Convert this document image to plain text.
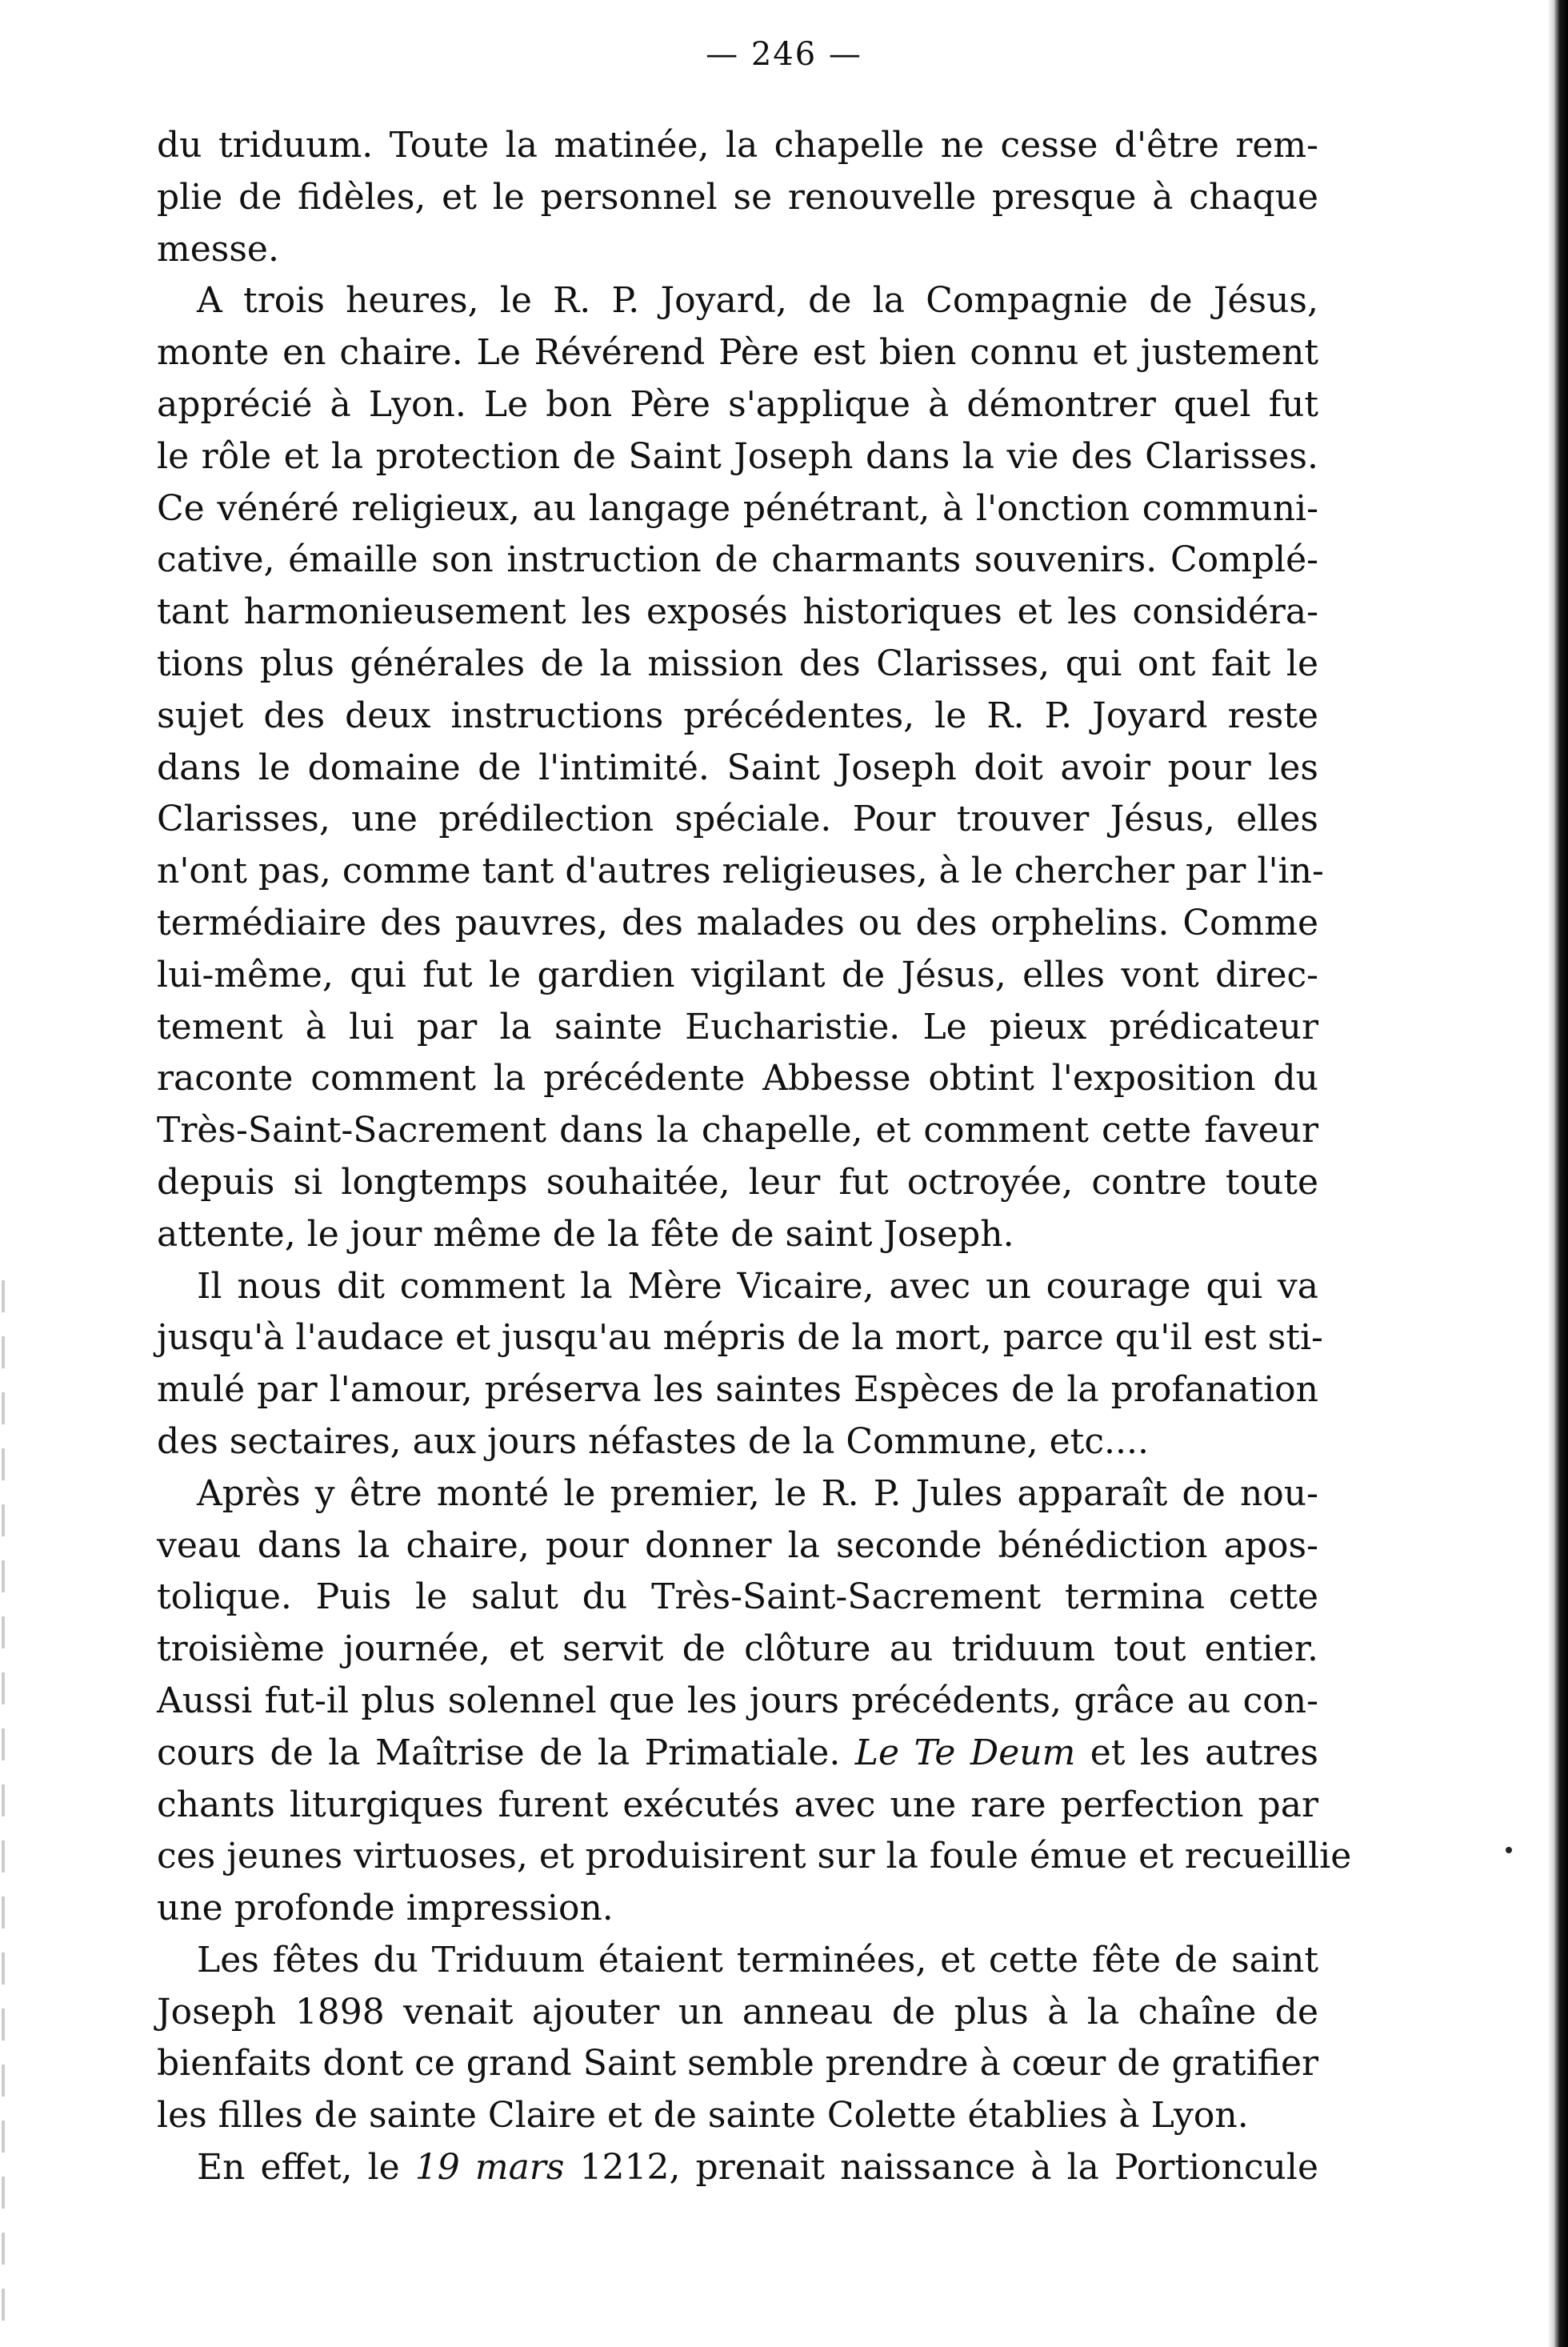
— 246 —
du triduum. Toute la matinée, la chapelle ne cesse d'être rem-
plie de fidèles, et le personnel se renouvelle presque à chaque
messe.
A trois heures, le R. P. Joyard, de la Compagnie de Jésus,
monte en chaire. Le Révérend Père est bien connu et justement
apprécié à Lyon. Le bon Père s'applique à démontrer quel fut
le rôle et la protection de Saint Joseph dans la vie des Clarisses.
Ce vénéré religieux, au langage pénétrant, à l'onction communi-
cative, émaille son instruction de charmants souvenirs. Complé-
tant harmonieusement les exposés historiques et les considéra-
tions plus générales de la mission des Clarisses, qui ont fait le
sujet des deux instructions précédentes, le R. P. Joyard reste
dans le domaine de l'intimité. Saint Joseph doit avoir pour les
Clarisses, une prédilection spéciale. Pour trouver Jésus, elles
n'ont pas, comme tant d'autres religieuses, à le chercher par l'in-
termédiaire des pauvres, des malades ou des orphelins. Comme
lui-même, qui fut le gardien vigilant de Jésus, elles vont direc-
tement à lui par la sainte Eucharistie. Le pieux prédicateur
raconte comment la précédente Abbesse obtint l'exposition du
Très-Saint-Sacrement dans la chapelle, et comment cette faveur
depuis si longtemps souhaitée, leur fut octroyée, contre toute
attente, le jour même de la fête de saint Joseph.
Il nous dit comment la Mère Vicaire, avec un courage qui va
jusqu'à l'audace et jusqu'au mépris de la mort, parce qu'il est sti-
mulé par l'amour, préserva les saintes Espèces de la profanation
des sectaires, aux jours néfastes de la Commune, etc....
Après y être monté le premier, le R. P. Jules apparaît de nou-
veau dans la chaire, pour donner la seconde bénédiction apos-
tolique. Puis le salut du Très-Saint-Sacrement termina cette
troisième journée, et servit de clôture au triduum tout entier.
Aussi fut-il plus solennel que les jours précédents, grâce au con-
cours de la Maîtrise de la Primatiale. Le Te Deum et les autres
chants liturgiques furent exécutés avec une rare perfection par
ces jeunes virtuoses, et produisirent sur la foule émue et recueillie
une profonde impression.
Les fêtes du Triduum étaient terminées, et cette fête de saint
Joseph 1898 venait ajouter un anneau de plus à la chaîne de
bienfaits dont ce grand Saint semble prendre à cœur de gratifier
les filles de sainte Claire et de sainte Colette établies à Lyon.
En effet, le 19 mars 1212, prenait naissance à la Portioncule
